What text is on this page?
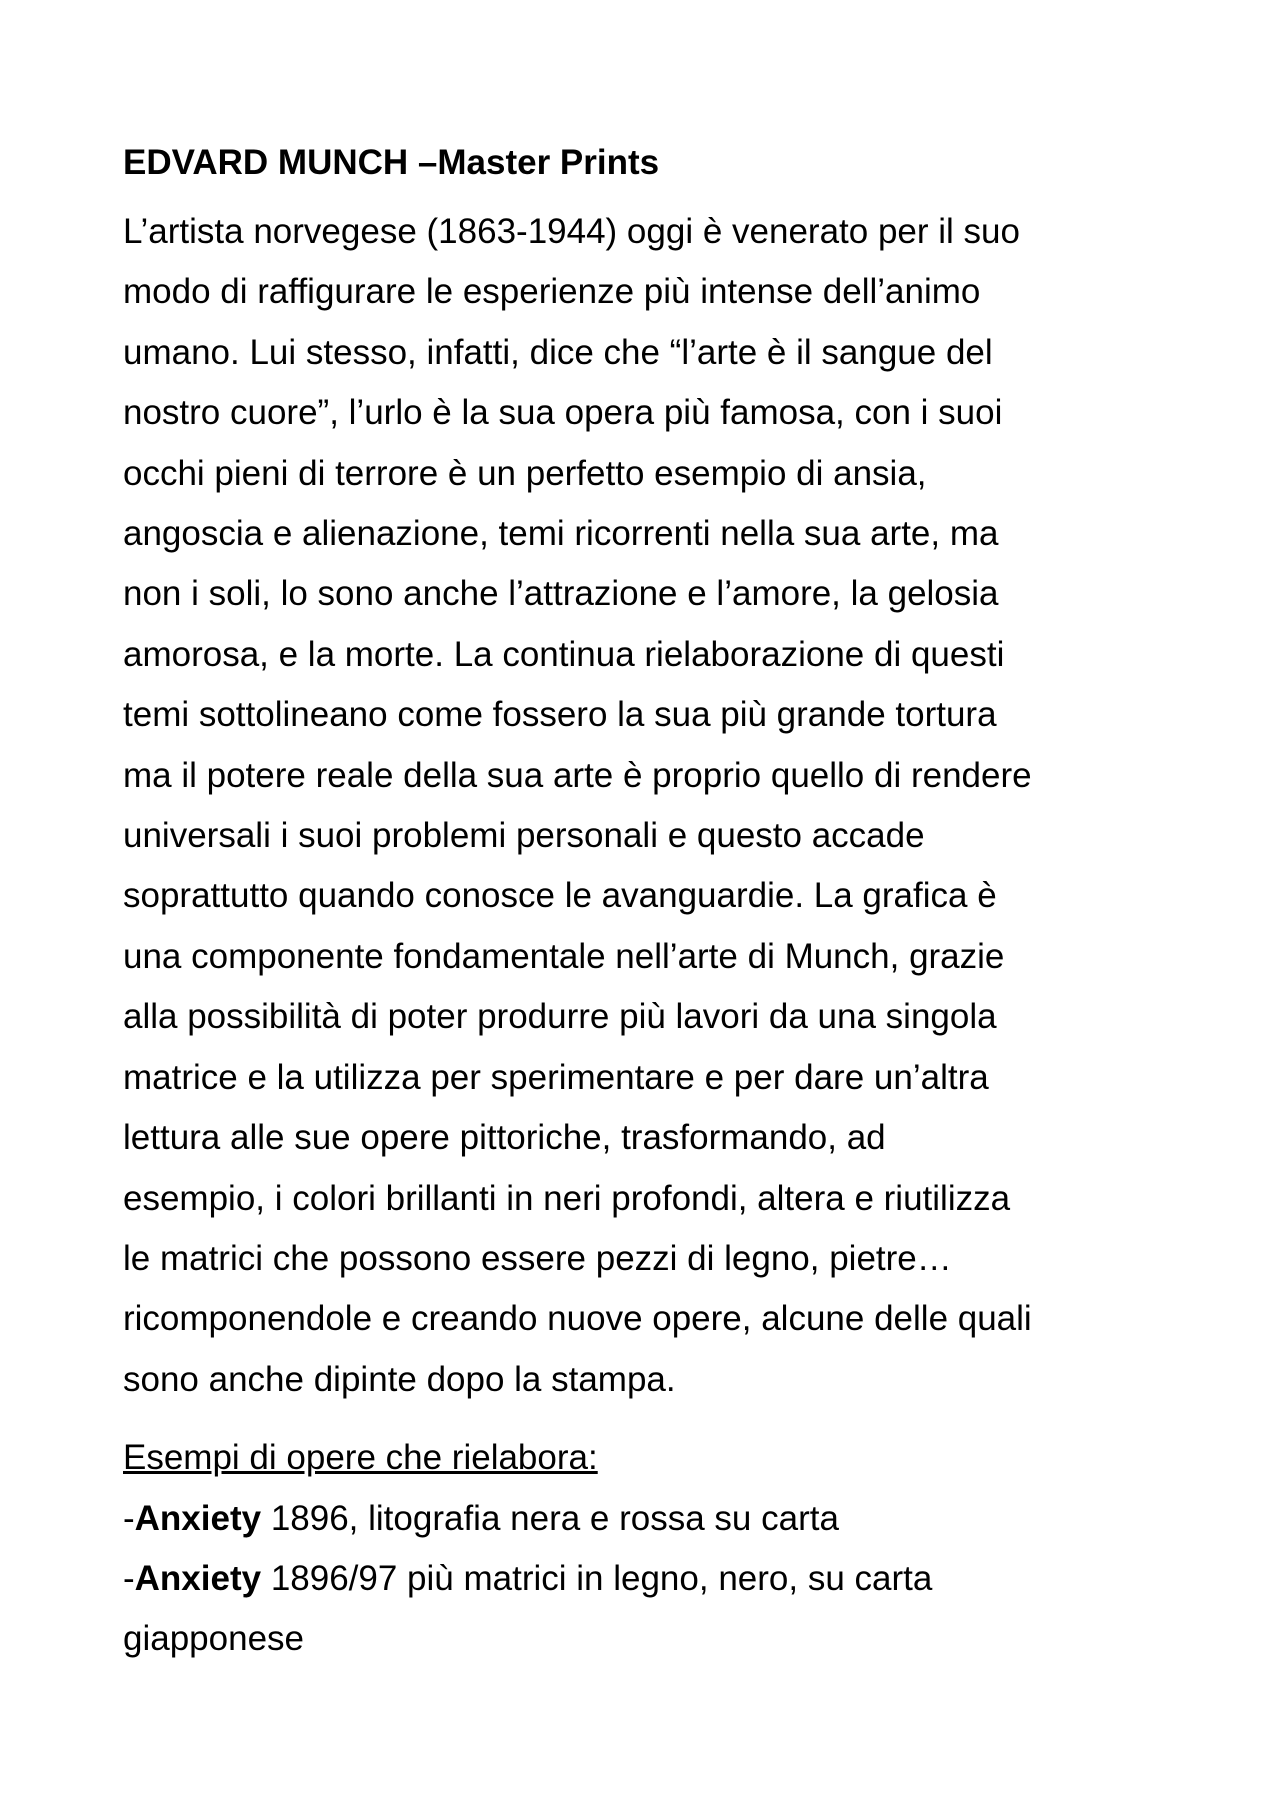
EDVARD MUNCH –Master Prints

L’artista norvegese (1863-1944) oggi è venerato per il suo
modo di raffigurare le esperienze più intense dell’animo
umano. Lui stesso, infatti, dice che “l’arte è il sangue del
nostro cuore”, l’urlo è la sua opera più famosa, con i suoi
occhi pieni di terrore è un perfetto esempio di ansia,
angoscia e alienazione, temi ricorrenti nella sua arte, ma
non i soli, lo sono anche l’attrazione e l’amore, la gelosia
amorosa, e la morte. La continua rielaborazione di questi
temi sottolineano come fossero la sua più grande tortura
ma il potere reale della sua arte è proprio quello di rendere
universali i suoi problemi personali e questo accade
soprattutto quando conosce le avanguardie. La grafica è
una componente fondamentale nell’arte di Munch, grazie
alla possibilità di poter produrre più lavori da una singola
matrice e la utilizza per sperimentare e per dare un’altra
lettura alle sue opere pittoriche, trasformando, ad
esempio, i colori brillanti in neri profondi, altera e riutilizza
le matrici che possono essere pezzi di legno, pietre…
ricomponendole e creando nuove opere, alcune delle quali
sono anche dipinte dopo la stampa.

Esempi di opere che rielabora:
-Anxiety 1896, litografia nera e rossa su carta
-Anxiety 1896/97 più matrici in legno, nero, su carta
giapponese
